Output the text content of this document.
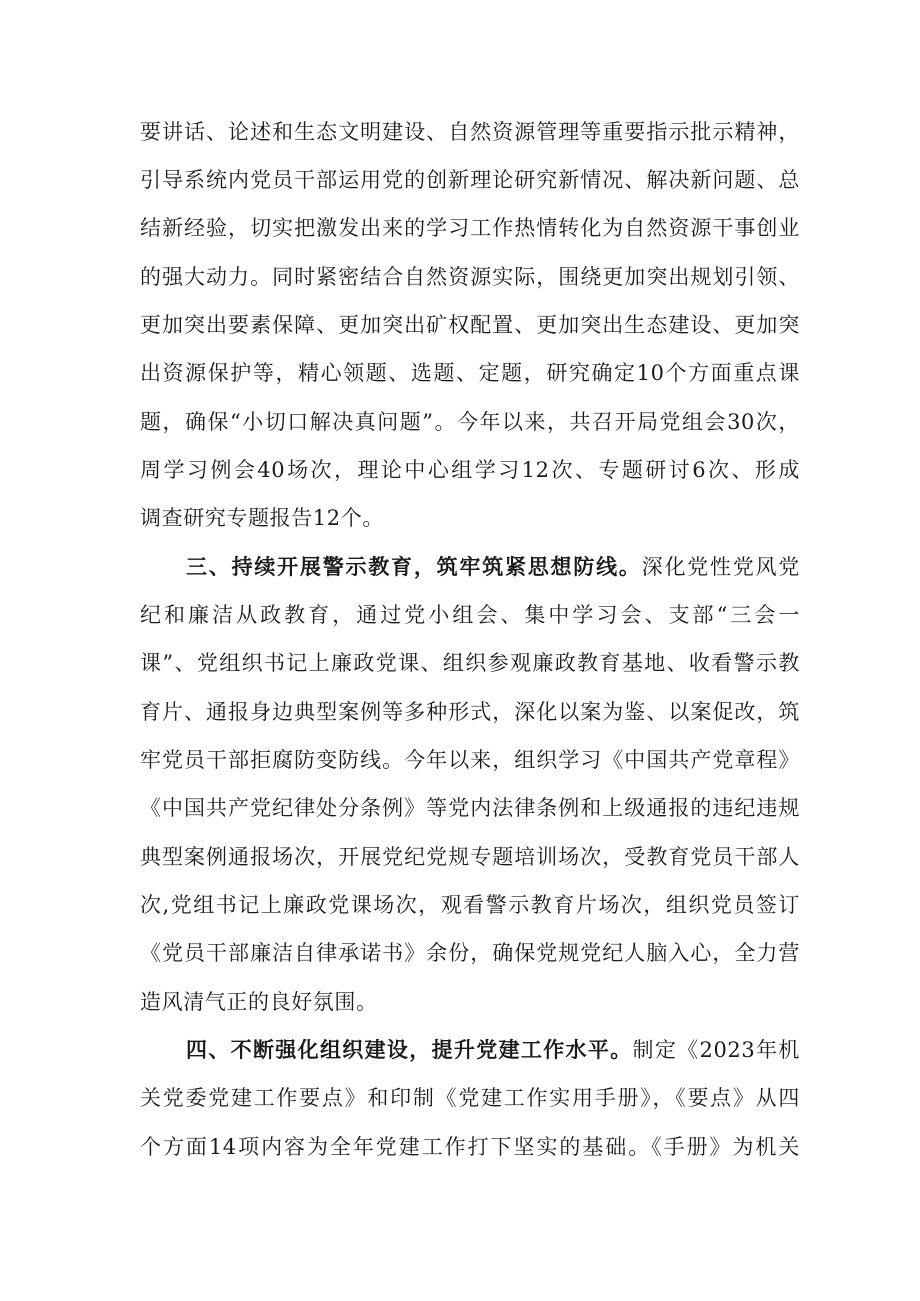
要讲话、论述和生态文明建设、自然资源管理等重要指示批示精神，
引导系统内党员干部运用党的创新理论研究新情况、解决新问题、总
结新经验，切实把激发出来的学习工作热情转化为自然资源干事创业
的强大动力。同时紧密结合自然资源实际，围绕更加突出规划引领、
更加突出要素保障、更加突出矿权配置、更加突出生态建设、更加突
出资源保护等，精心领题、选题、定题，研究确定10个方面重点课
题，确保“小切口解决真问题”。今年以来，共召开局党组会30次，
周学习例会40场次，理论中心组学习12次、专题研讨6次、形成
调查研究专题报告12个。
三、持续开展警示教育，筑牢筑紧思想防线。深化党性党风党
纪和廉洁从政教育，通过党小组会、集中学习会、支部“三会一
课”、党组织书记上廉政党课、组织参观廉政教育基地、收看警示教
育片、通报身边典型案例等多种形式，深化以案为鉴、以案促改，筑
牢党员干部拒腐防变防线。今年以来，组织学习《中国共产党章程》
《中国共产党纪律处分条例》等党内法律条例和上级通报的违纪违规
典型案例通报场次，开展党纪党规专题培训场次，受教育党员干部人
次,党组书记上廉政党课场次，观看警示教育片场次，组织党员签订
《党员干部廉洁自律承诺书》余份，确保党规党纪人脑入心，全力营
造风清气正的良好氛围。
四、不断强化组织建设，提升党建工作水平。制定《2023年机
关党委党建工作要点》和印制《党建工作实用手册》，《要点》从四
个方面14项内容为全年党建工作打下坚实的基础。《手册》为机关
